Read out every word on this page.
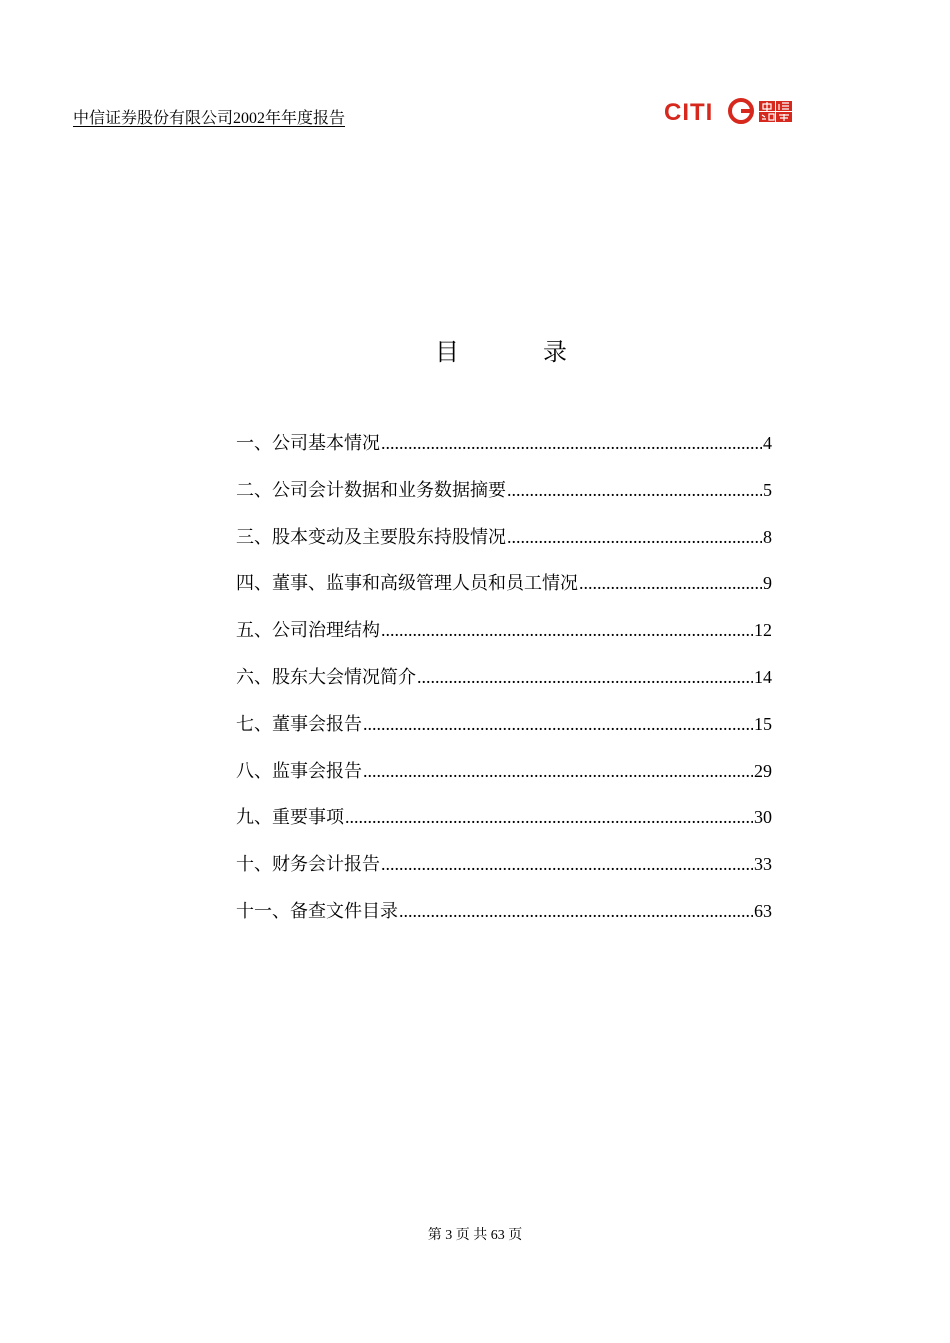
中信证券股份有限公司2002年年度报告	CITI
目	录
一、公司基本情况 .....	4
二、公司会计数据和业务数据摘要 .....	5
三、股本变动及主要股东持股情况 .....	8
四、董事、监事和高级管理人员和员工情况 .....	9
五、公司治理结构 .....	12
六、股东大会情况简介 .....	14
七、董事会报告 .....	15
八、监事会报告 .....	29
九、重要事项 .....	30
十、财务会计报告 .....	33
十一、备查文件目录 .....	63
第 3 页 共 63 页
